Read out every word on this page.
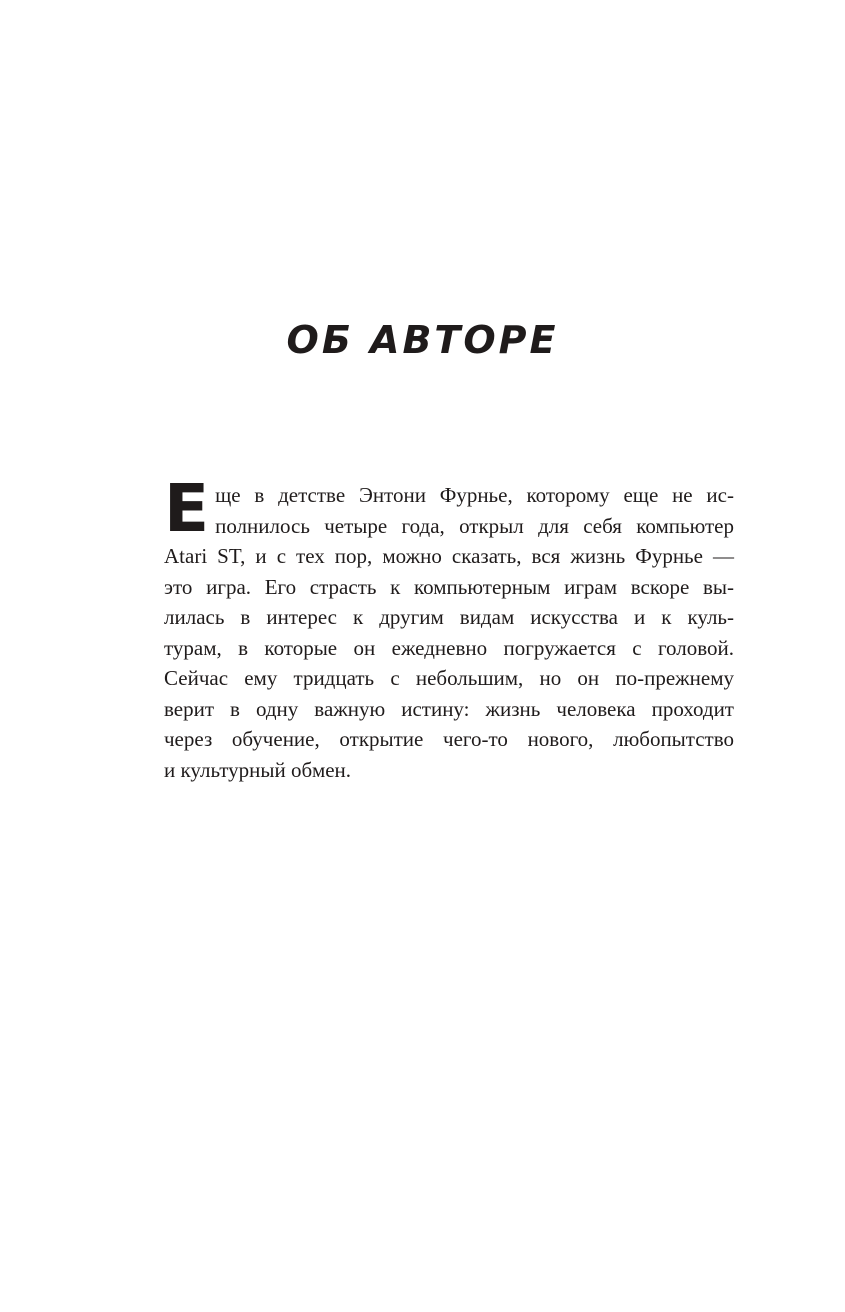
ОБ АВТОРЕ
Е ще в детстве Энтони Фурнье, которому еще не ис-
полнилось четыре года, открыл для себя компьютер
Atari ST, и с тех пор, можно сказать, вся жизнь Фурнье —
это игра. Его страсть к компьютерным играм вскоре вы-
лилась в интерес к другим видам искусства и к куль-
турам, в которые он ежедневно погружается с головой.
Сейчас ему тридцать с небольшим, но он по-прежнему
верит в одну важную истину: жизнь человека проходит
через обучение, открытие чего-то нового, любопытство
и культурный обмен.
